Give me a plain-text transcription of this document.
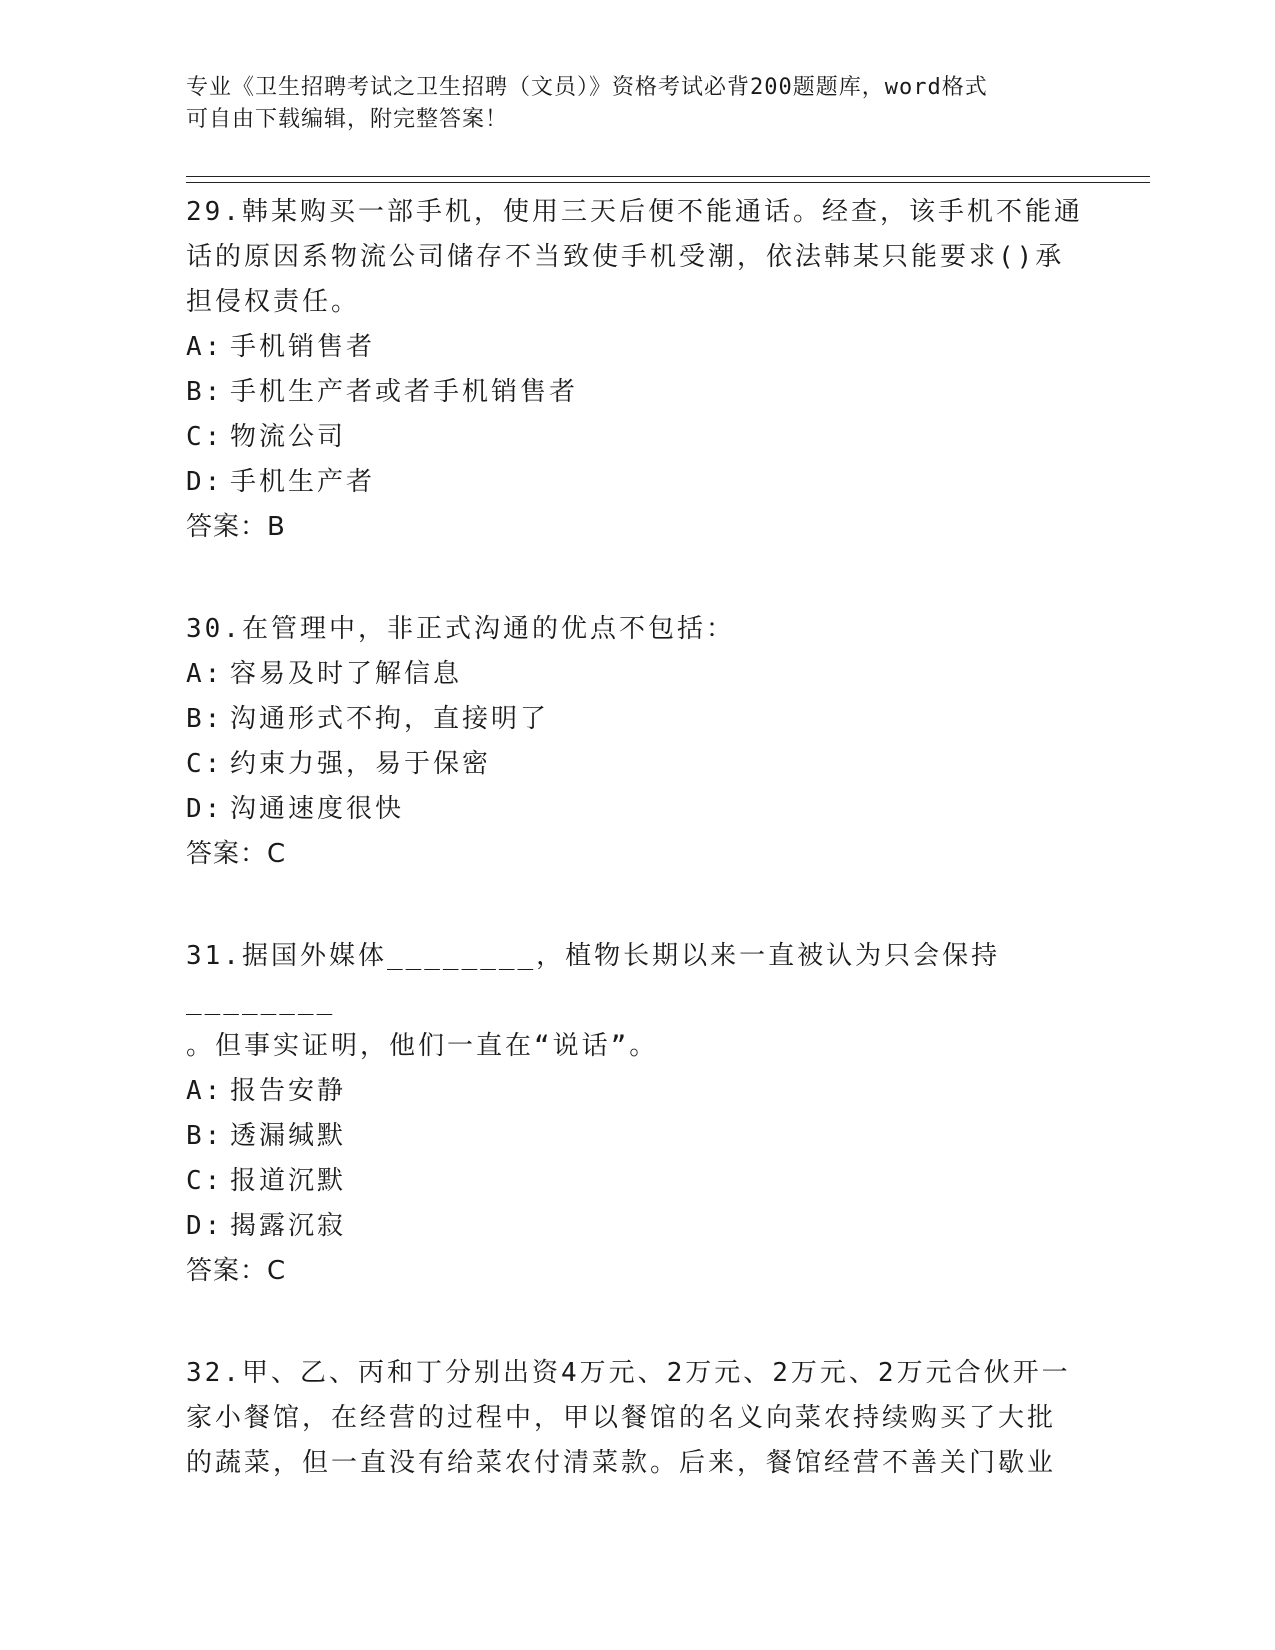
专业《卫生招聘考试之卫生招聘（文员）》资格考试必背200题题库，word格式
可自由下载编辑，附完整答案！

29.韩某购买一部手机，使用三天后便不能通话。经查，该手机不能通

话的原因系物流公司储存不当致使手机受潮，依法韩某只能要求()承

担侵权责任。

A: 手机销售者

B: 手机生产者或者手机销售者

C: 物流公司

D: 手机生产者

答案：B

30.在管理中，非正式沟通的优点不包括：

A: 容易及时了解信息

B: 沟通形式不拘，直接明了

C: 约束力强，易于保密

D: 沟通速度很快

答案：C

31.据国外媒体________，植物长期以来一直被认为只会保持________

。但事实证明，他们一直在“说话”。

A: 报告安静

B: 透漏缄默

C: 报道沉默

D: 揭露沉寂

答案：C

32.甲、乙、丙和丁分别出资4万元、2万元、2万元、2万元合伙开一

家小餐馆，在经营的过程中，甲以餐馆的名义向菜农持续购买了大批

的蔬菜，但一直没有给菜农付清菜款。后来，餐馆经营不善关门歇业
